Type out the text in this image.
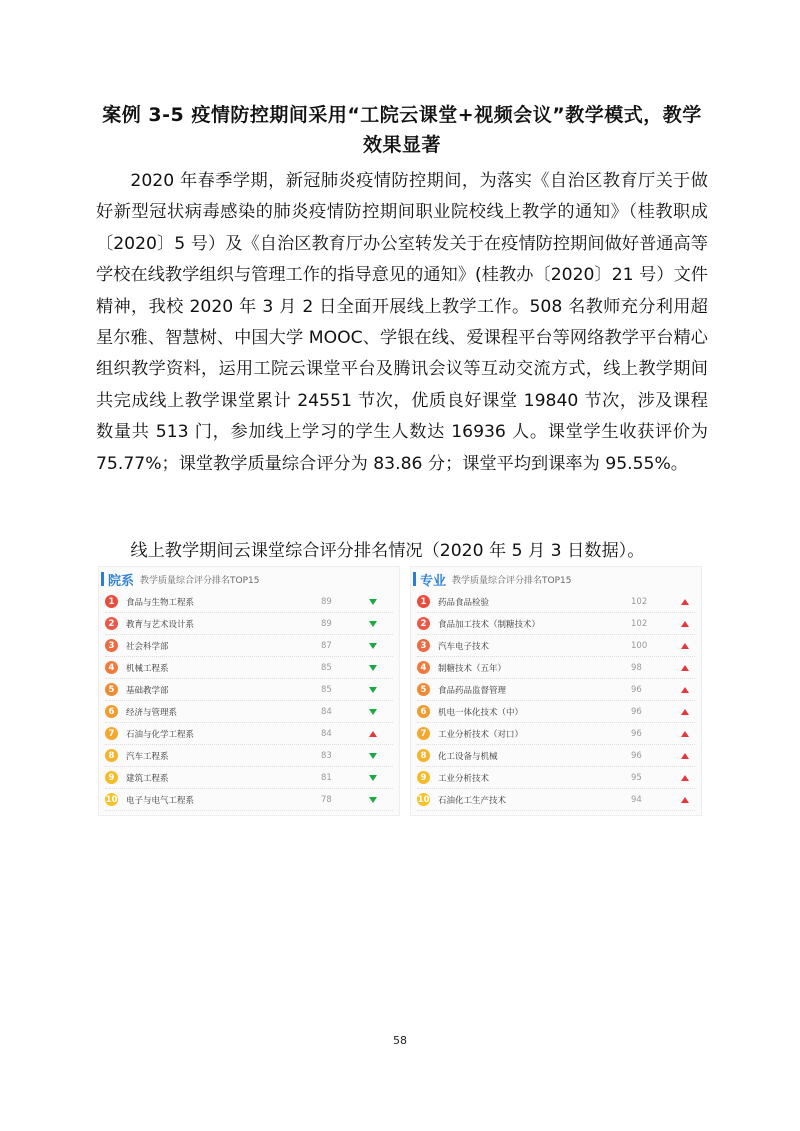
案例 3-5 疫情防控期间采用“工院云课堂+视频会议”教学模式，教学效果显著

2020 年春季学期，新冠肺炎疫情防控期间，为落实《自治区教育厅关于做好新型冠状病毒感染的肺炎疫情防控期间职业院校线上教学的通知》（桂教职成〔2020〕5 号）及《自治区教育厅办公室转发关于在疫情防控期间做好普通高等学校在线教学组织与管理工作的指导意见的通知》(桂教办〔2020〕21 号）文件精神，我校 2020 年 3 月 2 日全面开展线上教学工作。508 名教师充分利用超星尔雅、智慧树、中国大学 MOOC、学银在线、爱课程平台等网络教学平台精心组织教学资料，运用工院云课堂平台及腾讯会议等互动交流方式，线上教学期间共完成线上教学课堂累计 24551 节次，优质良好课堂 19840 节次，涉及课程数量共 513 门，参加线上学习的学生人数达 16936 人。课堂学生收获评价为 75.77%；课堂教学质量综合评分为 83.86 分；课堂平均到课率为 95.55%。

线上教学期间云课堂综合评分排名情况（2020 年 5 月 3 日数据）。
院系 教学质量综合评分排名TOP15
1	食品与生物工程系	89
2	教育与艺术设计系	89
3	社会科学部	87
4	机械工程系	85
5	基础教学部	85
6	经济与管理系	84
7	石油与化学工程系	84
8	汽车工程系	83
9	建筑工程系	81
10 电子与电气工程系	78
专业 教学质量综合评分排名TOP15
1	药品食品检验	102
2	食品加工技术（制糖技术）	102
3	汽车电子技术	100
4	制糖技术（五年）	98
5	食品药品监督管理	96
6	机电一体化技术（中）	96
7	工业分析技术（对口）	96
8	化工设备与机械	96
9	工业分析技术	95
10 石油化工生产技术	94
58
